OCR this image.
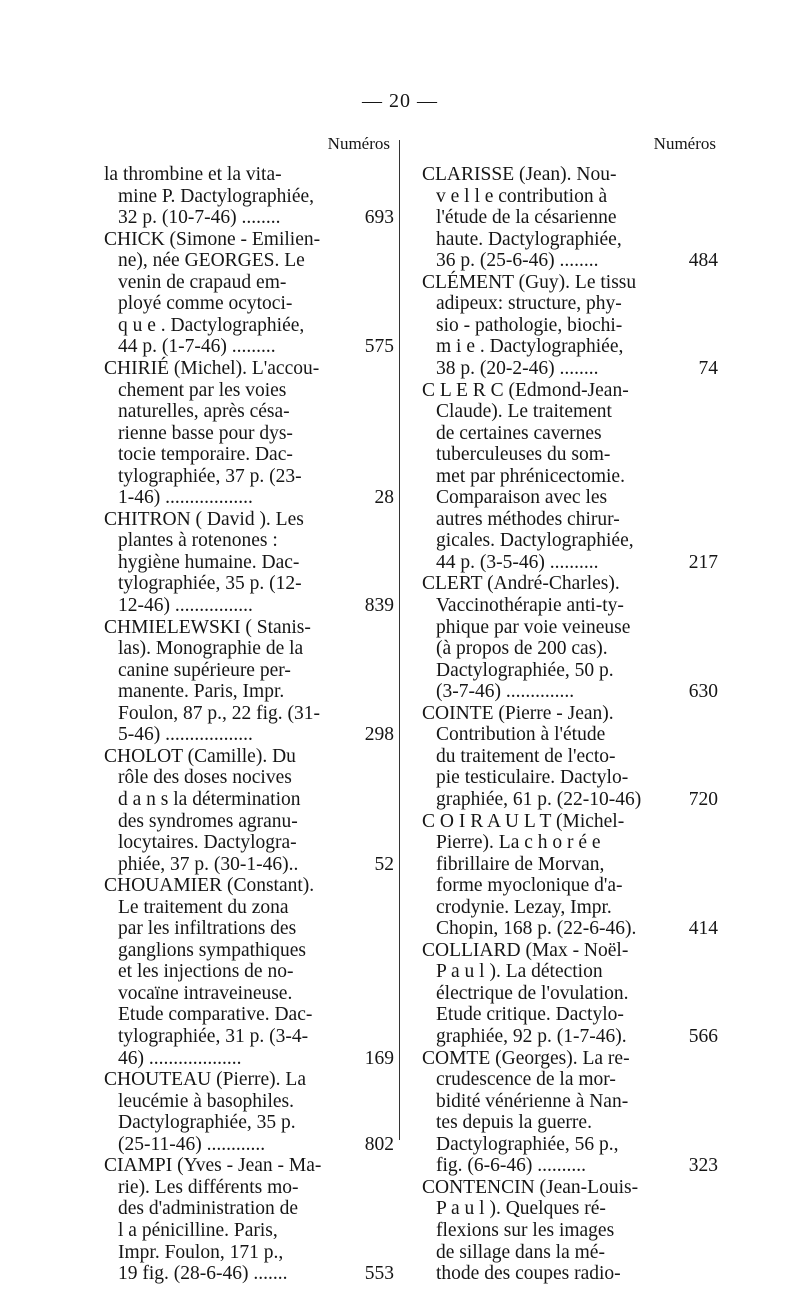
— 20 —
Numéros
la thrombine et la vita-
mine P. Dactylographiée,
32 p. (10-7-46) ........
CHICK (Simone - Emilien-
ne), née GEORGES. Le
venin de crapaud em-
ployé comme ocytoci-
q u e . Dactylographiée,
44 p. (1-7-46) .........
CHIRIÉ (Michel). L'accou-
chement par les voies
naturelles, après césa-
rienne basse pour dys-
tocie temporaire. Dac-
tylographiée, 37 p. (23-
1-46) ..................
CHITRON ( David ). Les
plantes à rotenones :
hygiène humaine. Dac-
tylographiée, 35 p. (12-
12-46) ................
CHMIELEWSKI ( Stanis-
las). Monographie de la
canine supérieure per-
manente. Paris, Impr.
Foulon, 87 p., 22 fig. (31-
5-46) ..................
CHOLOT (Camille). Du
rôle des doses nocives
d a n s la détermination
des syndromes agranu-
locytaires. Dactylogra-
phiée, 37 p. (30-1-46)..
CHOUAMIER (Constant).
Le traitement du zona
par les infiltrations des
ganglions sympathiques
et les injections de no-
vocaïne intraveineuse.
Etude comparative. Dac-
tylographiée, 31 p. (3-4-
46) ...................
CHOUTEAU (Pierre). La
leucémie à basophiles.
Dactylographiée, 35 p.
(25-11-46) ............
CIAMPI (Yves - Jean - Ma-
rie). Les différents mo-
des d'administration de
l a pénicilline. Paris,
Impr. Foulon, 171 p.,
19 fig. (28-6-46) .......
693
575
28
839
298
52
169
802
553
Numéros
CLARISSE (Jean). Nou-
v e l l e contribution à
l'étude de la césarienne
haute. Dactylographiée,
36 p. (25-6-46) ........
CLÉMENT (Guy). Le tissu
adipeux: structure, phy-
sio - pathologie, biochi-
m i e . Dactylographiée,
38 p. (20-2-46) ........
C L E R C (Edmond-Jean-
Claude). Le traitement
de certaines cavernes
tuberculeuses du som-
met par phrénicectomie.
Comparaison avec les
autres méthodes chirur-
gicales. Dactylographiée,
44 p. (3-5-46) ..........
CLERT (André-Charles).
Vaccinothérapie anti-ty-
phique par voie veineuse
(à propos de 200 cas).
Dactylographiée, 50 p.
(3-7-46) ..............
COINTE (Pierre - Jean).
Contribution à l'étude
du traitement de l'ecto-
pie testiculaire. Dactylo-
graphiée, 61 p. (22-10-46)
C O I R A U L T (Michel-
Pierre). La c h o r é e
fibrillaire de Morvan,
forme myoclonique d'a-
crodynie. Lezay, Impr.
Chopin, 168 p. (22-6-46).
COLLIARD (Max - Noël-
P a u l ). La détection
électrique de l'ovulation.
Etude critique. Dactylo-
graphiée, 92 p. (1-7-46).
COMTE (Georges). La re-
crudescence de la mor-
bidité vénérienne à Nan-
tes depuis la guerre.
Dactylographiée, 56 p.,
fig. (6-6-46) ..........
CONTENCIN (Jean-Louis-
P a u l ). Quelques ré-
flexions sur les images
de sillage dans la mé-
thode des coupes radio-
484
74
217
630
720
414
566
323
